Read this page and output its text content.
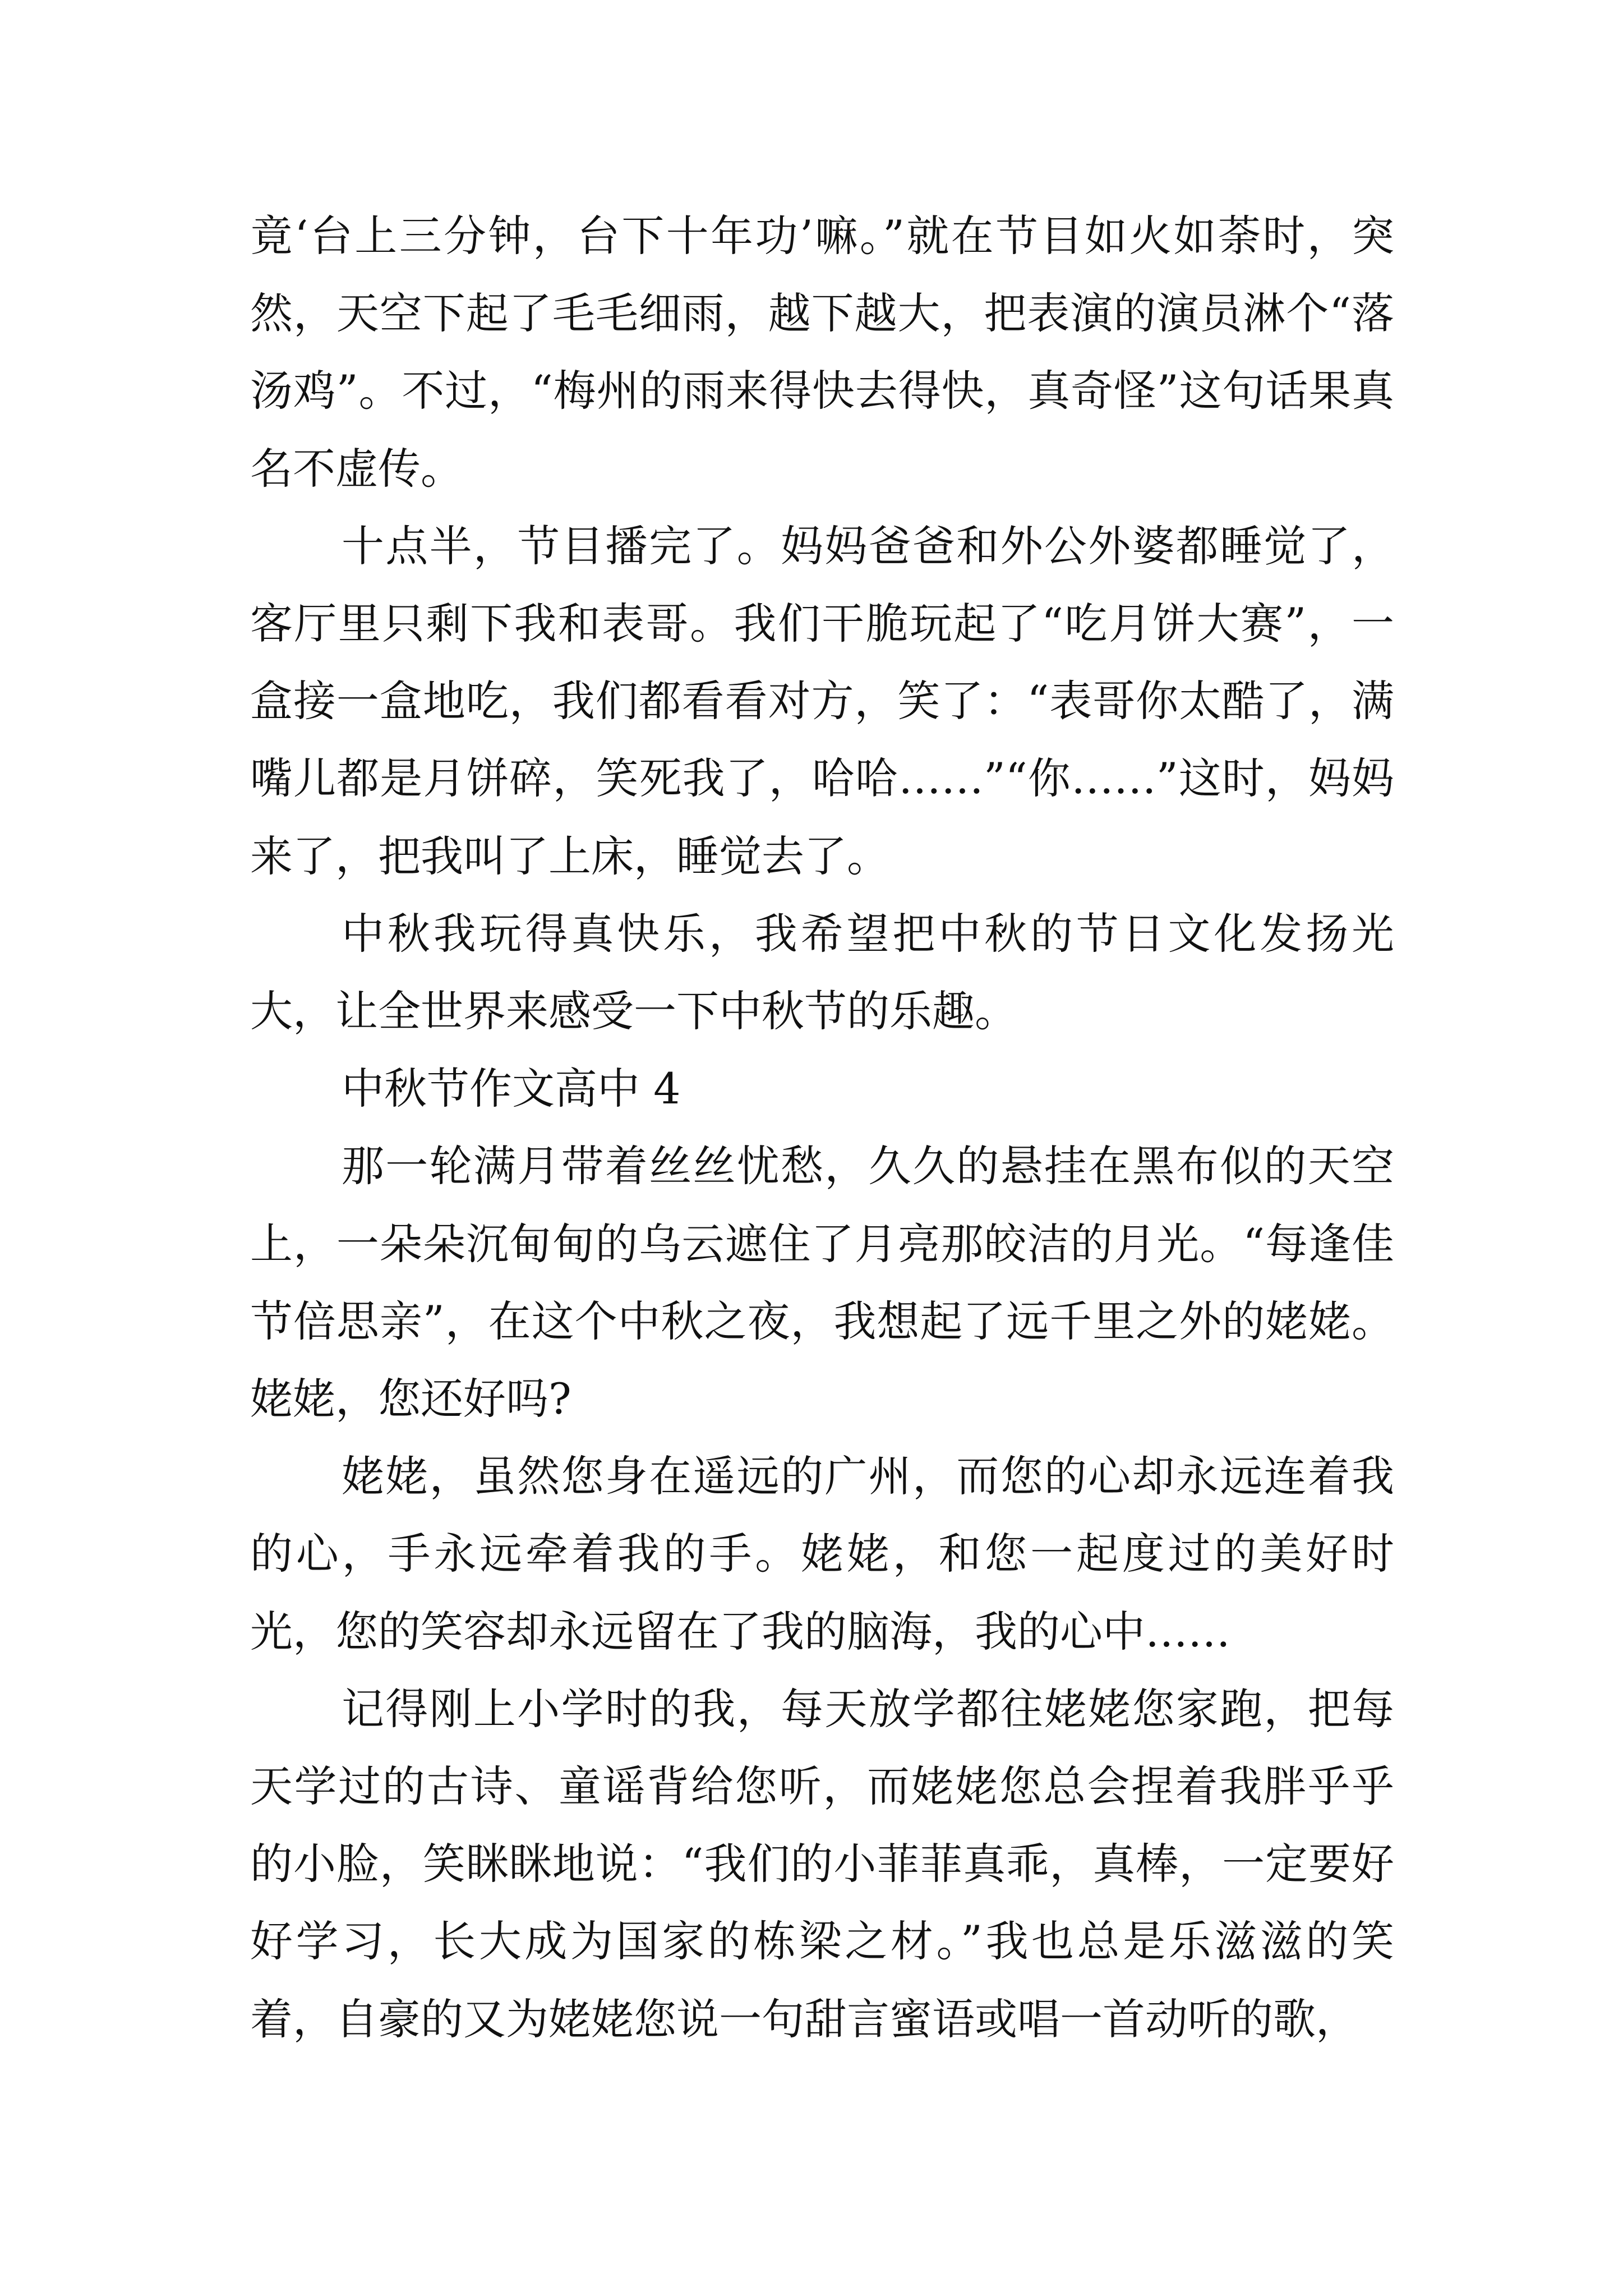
竟‘台上三分钟，台下十年功’嘛。”就在节目如火如荼时，突然，天空下起了毛毛细雨，越下越大，把表演的演员淋个“落汤鸡”。不过，“梅州的雨来得快去得快，真奇怪”这句话果真名不虚传。

十点半，节目播完了。妈妈爸爸和外公外婆都睡觉了，客厅里只剩下我和表哥。我们干脆玩起了“吃月饼大赛”，一盒接一盒地吃，我们都看看对方，笑了：“表哥你太酷了，满嘴儿都是月饼碎，笑死我了，哈哈……”“你……”这时，妈妈来了，把我叫了上床，睡觉去了。

中秋我玩得真快乐，我希望把中秋的节日文化发扬光大，让全世界来感受一下中秋节的乐趣。

中秋节作文高中 4

那一轮满月带着丝丝忧愁，久久的悬挂在黑布似的天空上，一朵朵沉甸甸的乌云遮住了月亮那皎洁的月光。“每逢佳节倍思亲”，在这个中秋之夜，我想起了远千里之外的姥姥。姥姥，您还好吗?

姥姥，虽然您身在遥远的广州，而您的心却永远连着我的心，手永远牵着我的手。姥姥，和您一起度过的美好时光，您的笑容却永远留在了我的脑海，我的心中……

记得刚上小学时的我，每天放学都往姥姥您家跑，把每天学过的古诗、童谣背给您听，而姥姥您总会捏着我胖乎乎的小脸，笑眯眯地说：“我们的小菲菲真乖，真棒，一定要好好学习，长大成为国家的栋梁之材。”我也总是乐滋滋的笑着，自豪的又为姥姥您说一句甜言蜜语或唱一首动听的歌，
